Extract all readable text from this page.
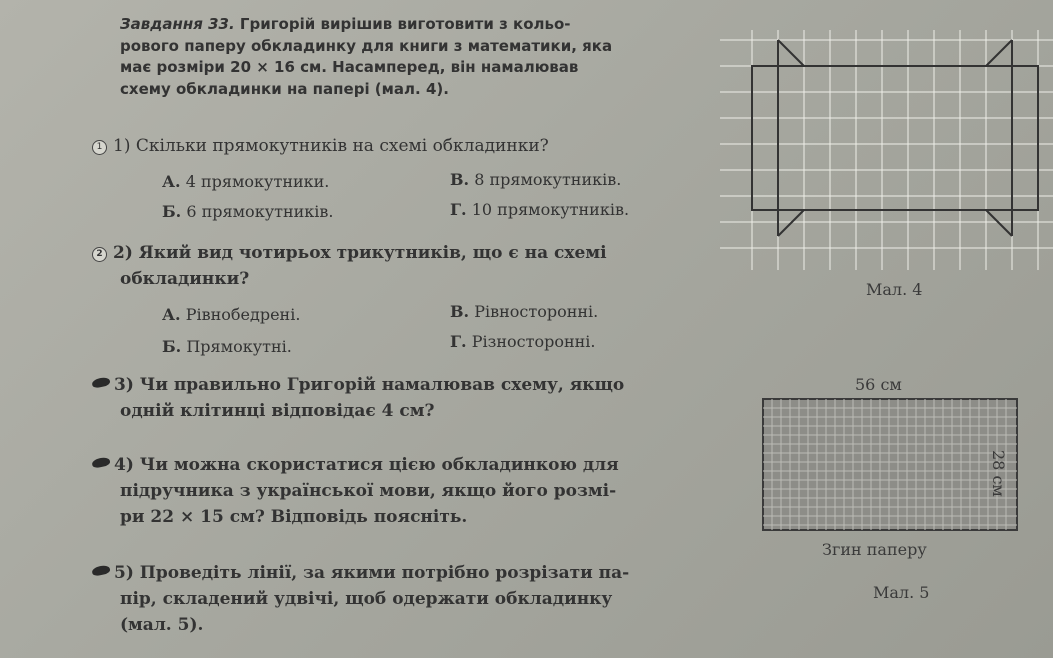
Завдання 33. Григорій вирішив виготовити з кольо-
рового паперу обкладинку для книги з математики, яка
має розміри 20 × 16 см. Насамперед, він намалював
схему обкладинки на папері (мал. 4).
1 1) Скільки прямокутників на схемі обкладинки?
А. 4 прямокутники.	В. 8 прямокутників.
Б. 6 прямокутників.	Г. 10 прямокутників.
2 2) Який вид чотирьох трикутників, що є на схемі
обкладинки?
А. Рівнобедрені.	В. Рівносторонні.
Б. Прямокутні.	Г. Різносторонні.
3) Чи правильно Григорій намалював схему, якщо
одній клітинці відповідає 4 см?
4) Чи можна скористатися цією обкладинкою для
підручника з української мови, якщо його розмі-
ри 22 × 15 см? Відповідь поясніть.
5) Проведіть лінії, за якими потрібно розрізати па-
пір, складений удвічі, щоб одержати обкладинку
(мал. 5).
Мал. 4
56 см
28 см
Згин паперу
Мал. 5
